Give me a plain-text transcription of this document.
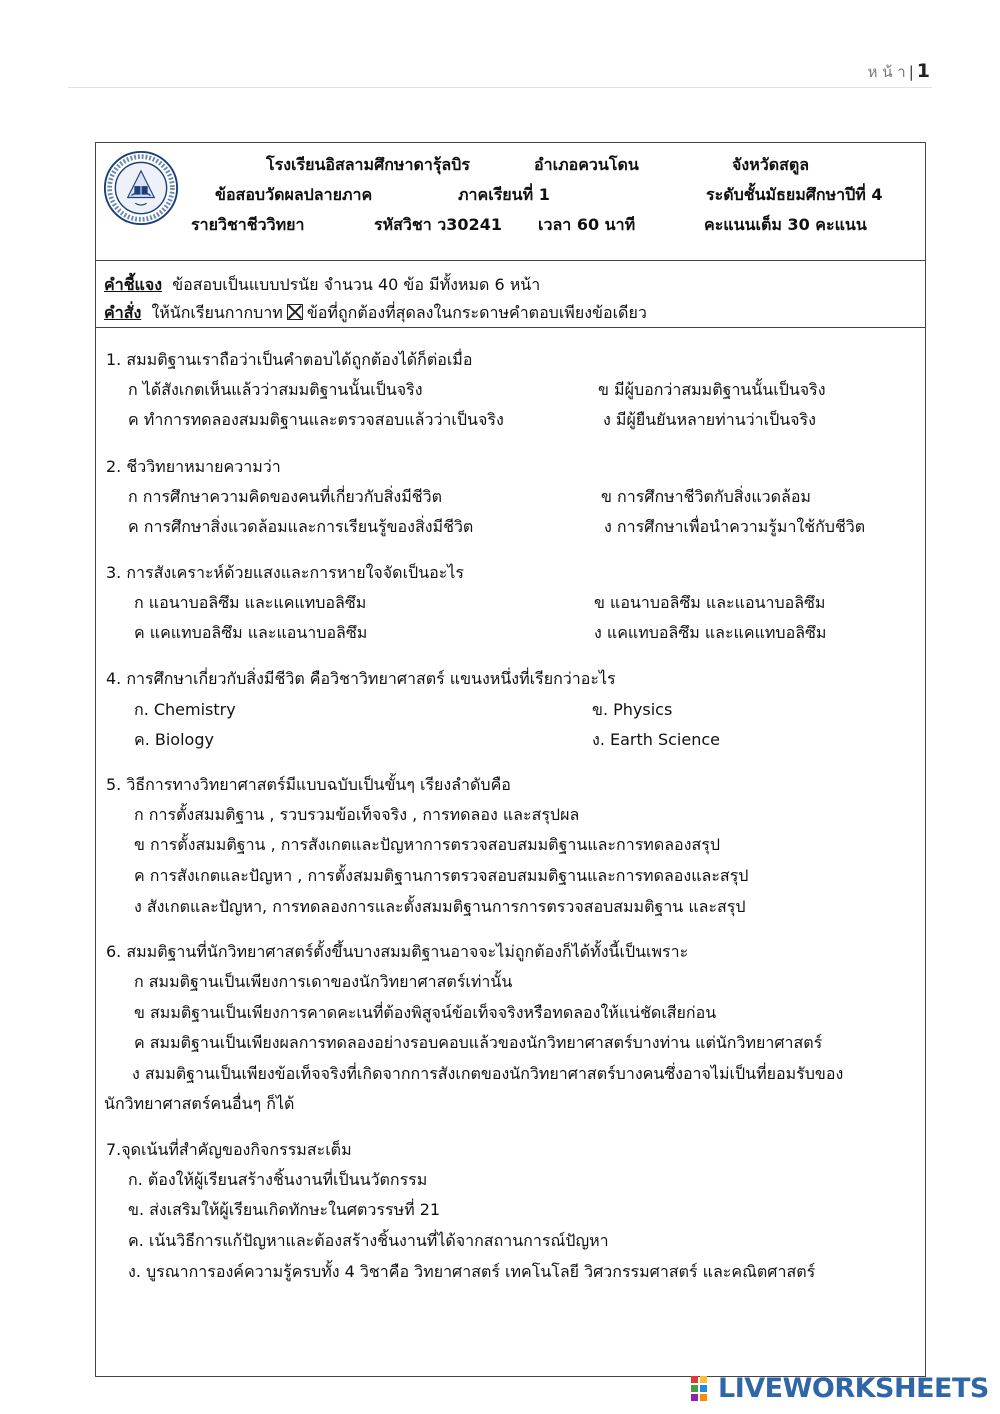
ห น้ า | 1
โรงเรียนอิสลามศึกษาดารุ้ลบิร	อำเภอควนโดน	จังหวัดสตูล
ข้อสอบวัดผลปลายภาค	ภาคเรียนที่ 1	ระดับชั้นมัธยมศึกษาปีที่ 4
รายวิชาชีววิทยา	รหัสวิชา ว30241 เวลา 60 นาที	คะแนนเต็ม 30 คะแนน
คำชี้แจง ข้อสอบเป็นแบบปรนัย จำนวน 40 ข้อ มีทั้งหมด 6 หน้า
คำสั่ง ให้นักเรียนกากบาท ข้อที่ถูกต้องที่สุดลงในกระดาษคำตอบเพียงข้อเดียว
1. สมมติฐานเราถือว่าเป็นคำตอบได้ถูกต้องได้ก็ต่อเมื่อ
ก ได้สังเกตเห็นแล้วว่าสมมติฐานนั้นเป็นจริง	ข มีผู้บอกว่าสมมติฐานนั้นเป็นจริง
ค ทำการทดลองสมมติฐานและตรวจสอบแล้วว่าเป็นจริง	ง มีผู้ยืนยันหลายท่านว่าเป็นจริง
2. ชีววิทยาหมายความว่า
ก การศึกษาความคิดของคนที่เกี่ยวกับสิ่งมีชีวิต	ข การศึกษาชีวิตกับสิ่งแวดล้อม
ค การศึกษาสิ่งแวดล้อมและการเรียนรู้ของสิ่งมีชีวิต	ง การศึกษาเพื่อนำความรู้มาใช้กับชีวิต
3. การสังเคราะห์ด้วยแสงและการหายใจจัดเป็นอะไร
ก แอนาบอลิซึม และแคแทบอลิซึม	ข แอนาบอลิซึม และแอนาบอลิซึม
ค แคแทบอลิซึม และแอนาบอลิซึม	ง แคแทบอลิซึม และแคแทบอลิซึม
4. การศึกษาเกี่ยวกับสิ่งมีชีวิต คือวิชาวิทยาศาสตร์ แขนงหนึ่งที่เรียกว่าอะไร
ก. Chemistry	ข. Physics
ค. Biology	ง. Earth Science
5. วิธีการทางวิทยาศาสตร์มีแบบฉบับเป็นขั้นๆ เรียงลำดับคือ
ก การตั้งสมมติฐาน , รวบรวมข้อเท็จจริง , การทดลอง และสรุปผล
ข การตั้งสมมติฐาน , การสังเกตและปัญหาการตรวจสอบสมมติฐานและการทดลองสรุป
ค การสังเกตและปัญหา , การตั้งสมมติฐานการตรวจสอบสมมติฐานและการทดลองและสรุป
ง สังเกตและปัญหา, การทดลองการและตั้งสมมติฐานการการตรวจสอบสมมติฐาน และสรุป
6. สมมติฐานที่นักวิทยาศาสตร์ตั้งขึ้นบางสมมติฐานอาจจะไม่ถูกต้องก็ได้ทั้งนี้เป็นเพราะ
ก สมมติฐานเป็นเพียงการเดาของนักวิทยาศาสตร์เท่านั้น
ข สมมติฐานเป็นเพียงการคาดคะเนที่ต้องพิสูจน์ข้อเท็จจริงหรือทดลองให้แน่ชัดเสียก่อน
ค สมมติฐานเป็นเพียงผลการทดลองอย่างรอบคอบแล้วของนักวิทยาศาสตร์บางท่าน แต่นักวิทยาศาสตร์
ง สมมติฐานเป็นเพียงข้อเท็จจริงที่เกิดจากการสังเกตของนักวิทยาศาสตร์บางคนซึ่งอาจไม่เป็นที่ยอมรับของ
นักวิทยาศาสตร์คนอื่นๆ ก็ได้
7.จุดเน้นที่สำคัญของกิจกรรมสะเต็ม
ก. ต้องให้ผู้เรียนสร้างชิ้นงานที่เป็นนวัตกรรม
ข. ส่งเสริมให้ผู้เรียนเกิดทักษะในศตวรรษที่ 21
ค. เน้นวิธีการแก้ปัญหาและต้องสร้างชิ้นงานที่ได้จากสถานการณ์ปัญหา
ง. บูรณาการองค์ความรู้ครบทั้ง 4 วิชาคือ วิทยาศาสตร์ เทคโนโลยี วิศวกรรมศาสตร์ และคณิตศาสตร์
LIVEWORKSHEETS
